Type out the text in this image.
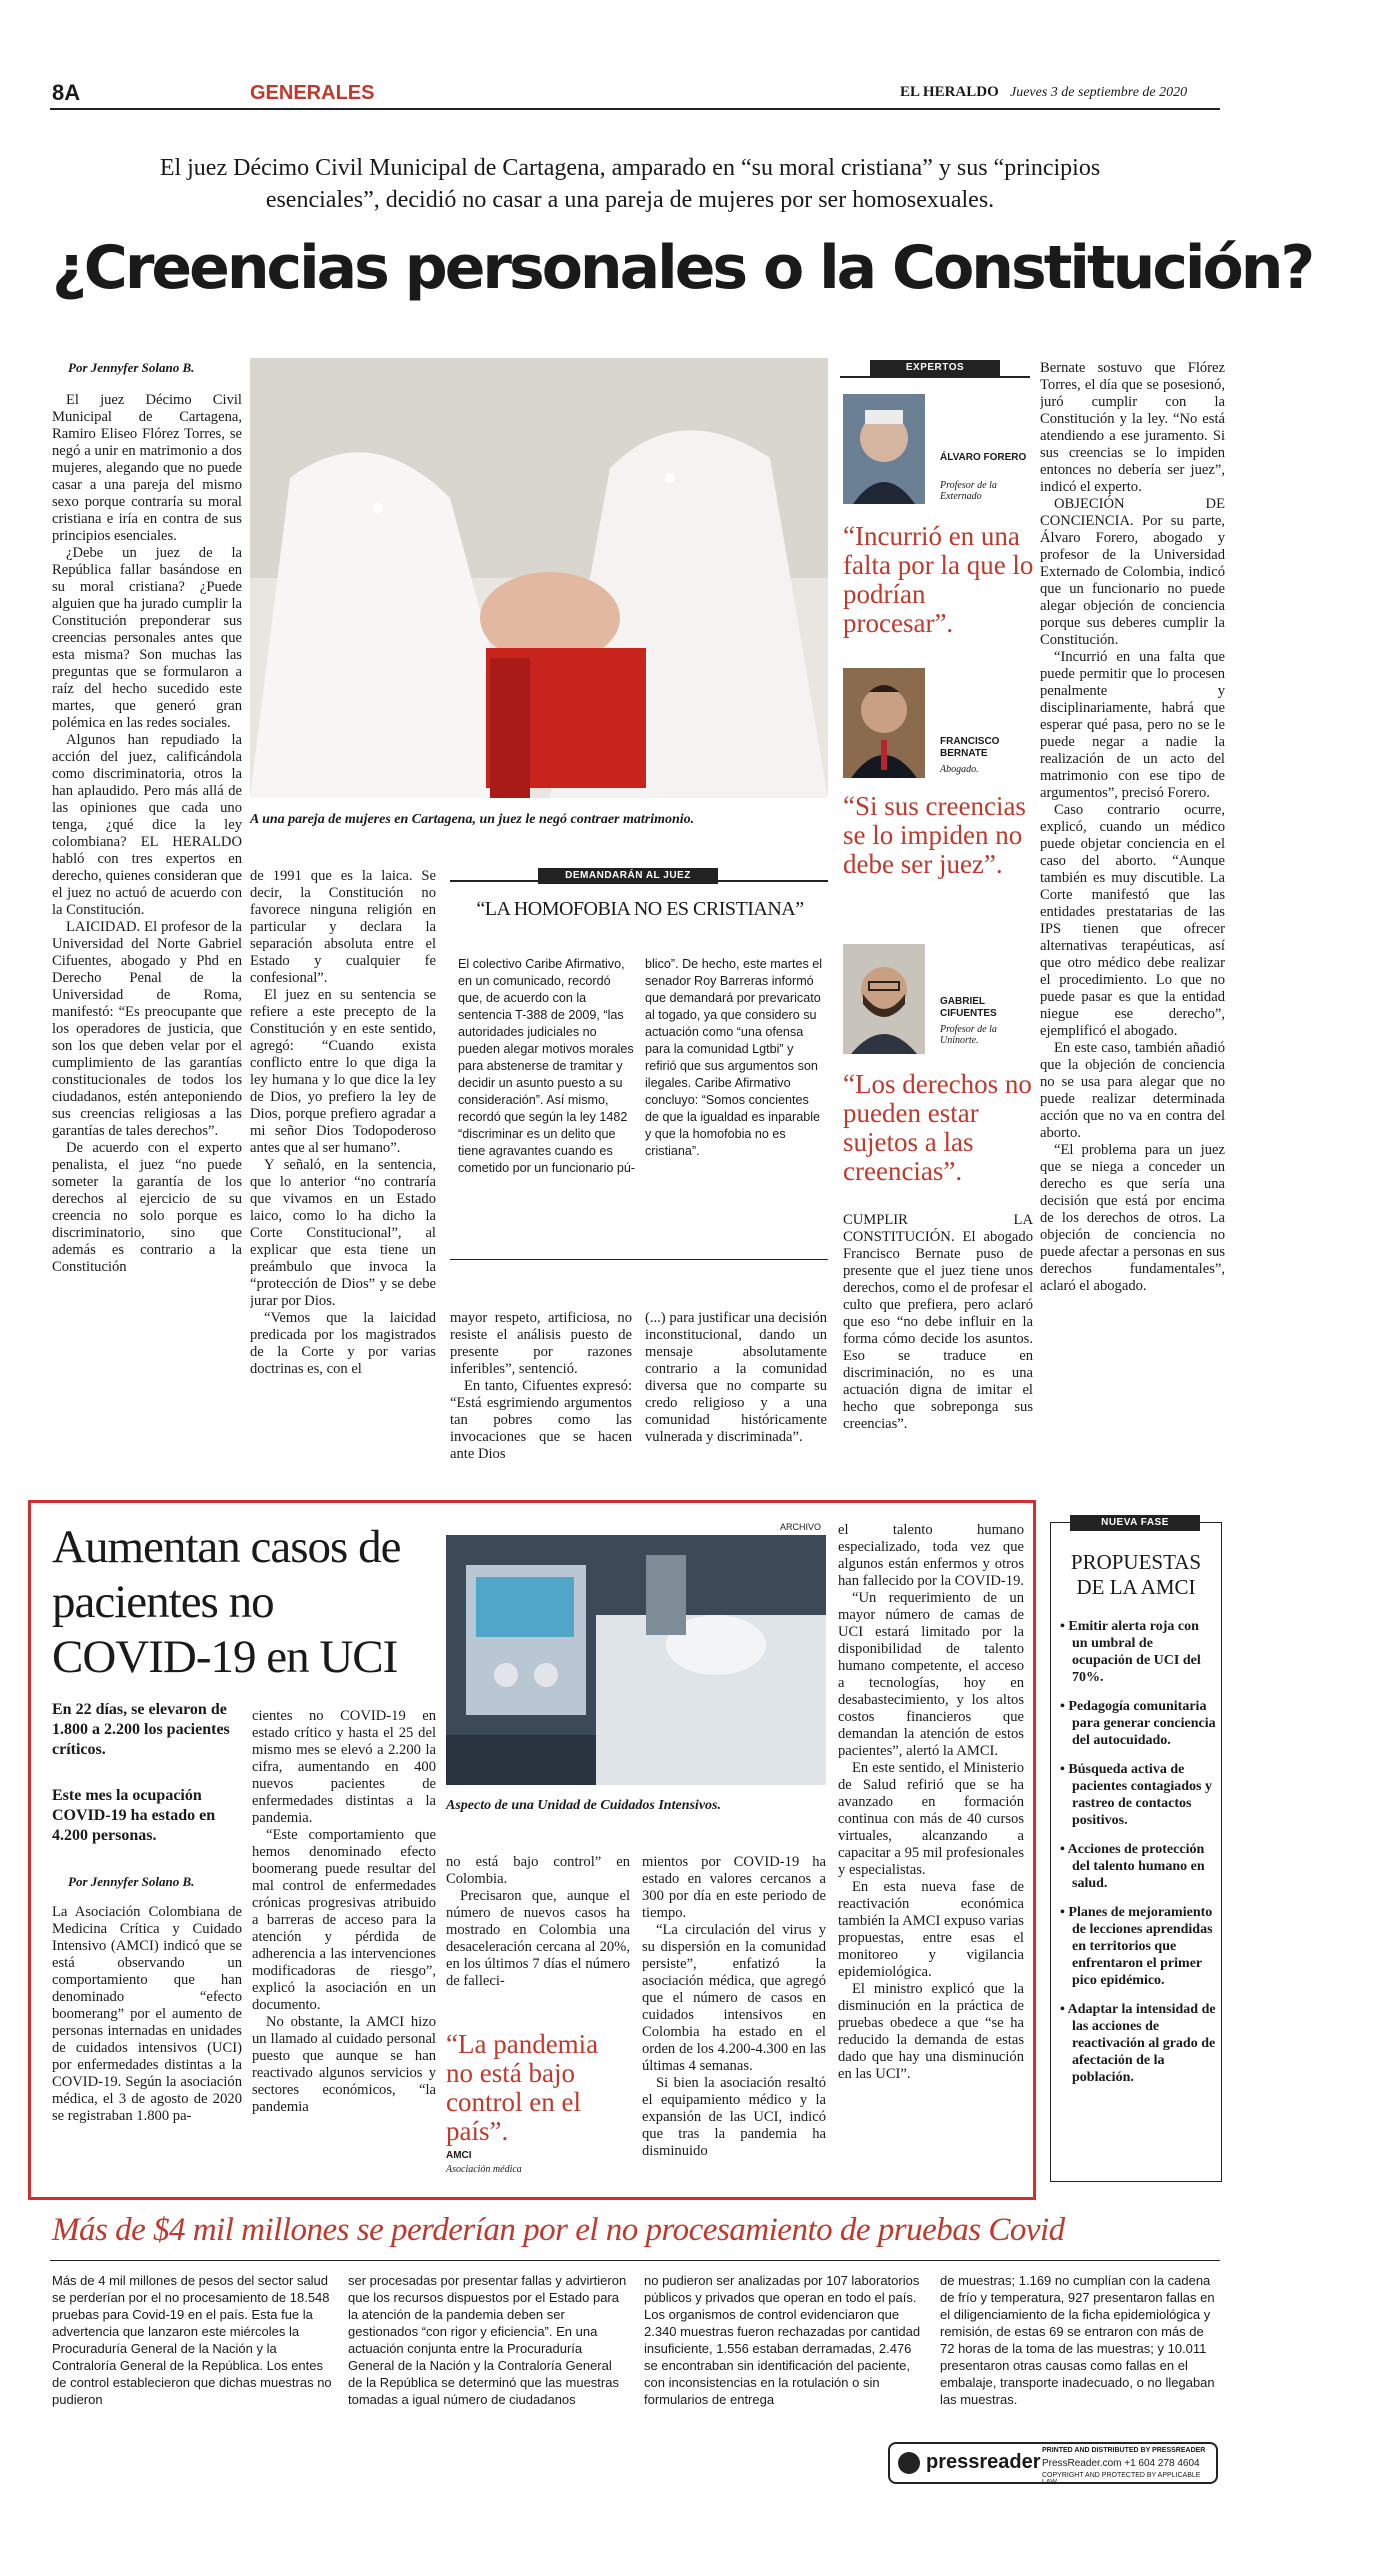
8A	GENERALES	EL HERALDO Jueves 3 de septiembre de 2020
El juez Décimo Civil Municipal de Cartagena, amparado en “su moral cristiana” y sus “principios esenciales”, decidió no casar a una pareja de mujeres por ser homosexuales.
¿Creencias personales o la Constitución?
Por Jennyfer Solano B.

El juez Décimo Civil Municipal de Cartagena, Ramiro Eliseo Flórez Torres, se negó a unir en matrimonio a dos mujeres, alegando que no puede casar a una pareja del mismo sexo porque contraría su moral cristiana e iría en contra de sus principios esenciales.

¿Debe un juez de la República fallar basándose en su moral cristiana? ¿Puede alguien que ha jurado cumplir la Constitución preponderar sus creencias personales antes que esta misma? Son muchas las preguntas que se formularon a raíz del hecho sucedido este martes, que generó gran polémica en las redes sociales.

Algunos han repudiado la acción del juez, calificándola como discriminatoria, otros la han aplaudido. Pero más allá de las opiniones que cada uno tenga, ¿qué dice la ley colombiana? EL HERALDO habló con tres expertos en derecho, quienes consideran que el juez no actuó de acuerdo con la Constitución.

LAICIDAD. El profesor de la Universidad del Norte Gabriel Cifuentes, abogado y Phd en Derecho Penal de la Universidad de Roma, manifestó: “Es preocupante que los operadores de justicia, que son los que deben velar por el cumplimiento de las garantías constitucionales de todos los ciudadanos, estén anteponiendo sus creencias religiosas a las garantías de tales derechos”.

De acuerdo con el experto penalista, el juez “no puede someter la garantía de los derechos al ejercicio de su creencia no solo porque es discriminatorio, sino que además es contrario a la Constitución

A una pareja de mujeres en Cartagena, un juez le negó contraer matrimonio.

de 1991 que es la laica. Se decir, la Constitución no favorece ninguna religión en particular y declara la separación absoluta entre el Estado y cualquier fe confesional”.

El juez en su sentencia se refiere a este precepto de la Constitución y en este sentido, agregó: “Cuando exista conflicto entre lo que diga la ley humana y lo que dice la ley de Dios, yo prefiero la ley de Dios, porque prefiero agradar a mi señor Dios Todopoderoso antes que al ser humano”.

Y señaló, en la sentencia, que lo anterior “no contraría que vivamos en un Estado laico, como lo ha dicho la Corte Constitucional”, al explicar que esta tiene un preámbulo que invoca la “protección de Dios” y se debe jurar por Dios.

“Vemos que la laicidad predicada por los magistrados de la Corte y por varias doctrinas es, con el

DEMANDARÁN AL JUEZ
“LA HOMOFOBIA NO ES CRISTIANA”
El colectivo Caribe Afirmativo, en un comunicado, recordó que, de acuerdo con la sentencia T-388 de 2009, “las autoridades judiciales no pueden alegar motivos morales para abstenerse de tramitar y decidir un asunto puesto a su consideración”. Así mismo, recordó que según la ley 1482 “discriminar es un delito que tiene agravantes cuando es cometido por un funcionario pú-
blico”. De hecho, este martes el senador Roy Barreras informó que demandará por prevaricato al togado, ya que considero su actuación como “una ofensa para la comunidad Lgtbi” y refirió que sus argumentos son ilegales. Caribe Afirmativo concluyo: “Somos concientes de que la igualdad es inparable y que la homofobia no es cristiana”.

mayor respeto, artificiosa, no resiste el análisis puesto de presente por razones inferibles”, sentenció.

En tanto, Cifuentes expresó: “Está esgrimiendo argumentos tan pobres como las invocaciones que se hacen ante Dios

(...) para justificar una decisión inconstitucional, dando un mensaje absolutamente contrario a la comunidad diversa que no comparte su credo religioso y a una comunidad históricamente vulnerada y discriminada”.

EXPERTOS
ÁLVARO FORERO
Profesor de la Externado
“Incurrió en una falta por la que lo podrían procesar”.
FRANCISCO BERNATE
Abogado.
“Si sus creencias se lo impiden no debe ser juez”.
GABRIEL CIFUENTES
Profesor de la Uninorte.
“Los derechos no pueden estar sujetos a las creencias”.

CUMPLIR LA CONSTITUCIÓN. El abogado Francisco Bernate puso de presente que el juez tiene unos derechos, como el de profesar el culto que prefiera, pero aclaró que eso “no debe influir en la forma cómo decide los asuntos. Eso se traduce en discriminación, no es una actuación digna de imitar el hecho que sobreponga sus creencias”.

Bernate sostuvo que Flórez Torres, el día que se posesionó, juró cumplir con la Constitución y la ley. “No está atendiendo a ese juramento. Si sus creencias se lo impiden entonces no debería ser juez”, indicó el experto.

OBJECIÓN DE CONCIENCIA. Por su parte, Álvaro Forero, abogado y profesor de la Universidad Externado de Colombia, indicó que un funcionario no puede alegar objeción de conciencia porque sus deberes cumplir la Constitución.

“Incurrió en una falta que puede permitir que lo procesen penalmente y disciplinariamente, habrá que esperar qué pasa, pero no se le puede negar a nadie la realización de un acto del matrimonio con ese tipo de argumentos”, precisó Forero.

Caso contrario ocurre, explicó, cuando un médico puede objetar conciencia en el caso del aborto. “Aunque también es muy discutible. La Corte manifestó que las entidades prestatarias de las IPS tienen que ofrecer alternativas terapéuticas, así que otro médico debe realizar el procedimiento. Lo que no puede pasar es que la entidad niegue ese derecho”, ejemplificó el abogado.

En este caso, también añadió que la objeción de conciencia no se usa para alegar que no puede realizar determinada acción que no va en contra del aborto.

“El problema para un juez que se niega a conceder un derecho es que sería una decisión que está por encima de los derechos de otros. La objeción de conciencia no puede afectar a personas en sus derechos fundamentales”, aclaró el abogado.

Aumentan casos de pacientes no COVID-19 en UCI
En 22 días, se elevaron de 1.800 a 2.200 los pacientes críticos.
Este mes la ocupación COVID-19 ha estado en 4.200 personas.
Por Jennyfer Solano B.

La Asociación Colombiana de Medicina Crítica y Cuidado Intensivo (AMCI) indicó que se está observando un comportamiento que han denominado “efecto boomerang” por el aumento de personas internadas en unidades de cuidados intensivos (UCI) por enfermedades distintas a la COVID-19. Según la asociación médica, el 3 de agosto de 2020 se registraban 1.800 pa-

ARCHIVO
Aspecto de una Unidad de Cuidados Intensivos.

cientes no COVID-19 en estado crítico y hasta el 25 del mismo mes se elevó a 2.200 la cifra, aumentando en 400 nuevos pacientes de enfermedades distintas a la pandemia.

“Este comportamiento que hemos denominado efecto boomerang puede resultar del mal control de enfermedades crónicas progresivas atribuido a barreras de acceso para la atención y pérdida de adherencia a las intervenciones modificadoras de riesgo”, explicó la asociación en un documento.

No obstante, la AMCI hizo un llamado al cuidado personal puesto que aunque se han reactivado algunos servicios y sectores económicos, “la pandemia

no está bajo control” en Colombia.

Precisaron que, aunque el número de nuevos casos ha mostrado en Colombia una desaceleración cercana al 20%, en los últimos 7 días el número de falleci-

“La pandemia no está bajo control en el país”.
AMCI
Asociación médica

mientos por COVID-19 ha estado en valores cercanos a 300 por día en este periodo de tiempo.

“La circulación del virus y su dispersión en la comunidad persiste”, enfatizó la asociación médica, que agregó que el número de casos en cuidados intensivos en Colombia ha estado en el orden de los 4.200-4.300 en las últimas 4 semanas.

Si bien la asociación resaltó el equipamiento médico y la expansión de las UCI, indicó que tras la pandemia ha disminuido

el talento humano especializado, toda vez que algunos están enfermos y otros han fallecido por la COVID-19.

“Un requerimiento de un mayor número de camas de UCI estará limitado por la disponibilidad de talento humano competente, el acceso a tecnologías, hoy en desabastecimiento, y los altos costos financieros que demandan la atención de estos pacientes”, alertó la AMCI.

En este sentido, el Ministerio de Salud refirió que se ha avanzado en formación continua con más de 40 cursos virtuales, alcanzando a capacitar a 95 mil profesionales y especialistas.

En esta nueva fase de reactivación económica también la AMCI expuso varias propuestas, entre esas el monitoreo y vigilancia epidemiológica.

El ministro explicó que la disminución en la práctica de pruebas obedece a que “se ha reducido la demanda de estas dado que hay una disminución en las UCI”.

NUEVA FASE
PROPUESTAS DE LA AMCI
• Emitir alerta roja con un umbral de ocupación de UCI del 70%.
• Pedagogía comunitaria para generar conciencia del autocuidado.
• Búsqueda activa de pacientes contagiados y rastreo de contactos positivos.
• Acciones de protección del talento humano en salud.
• Planes de mejoramiento de lecciones aprendidas en territorios que enfrentaron el primer pico epidémico.
• Adaptar la intensidad de las acciones de reactivación al grado de afectación de la población.
Más de $4 mil millones se perderían por el no procesamiento de pruebas Covid
Más de 4 mil millones de pesos del sector salud se perderían por el no procesamiento de 18.548 pruebas para Covid-19 en el país. Esta fue la advertencia que lanzaron este miércoles la Procuraduría General de la Nación y la Contraloría General de la República. Los entes de control establecieron que dichas muestras no pudieron
ser procesadas por presentar fallas y advirtieron que los recursos dispuestos por el Estado para la atención de la pandemia deben ser gestionados “con rigor y eficiencia”. En una actuación conjunta entre la Procuraduría General de la Nación y la Contraloría General de la República se determinó que las muestras tomadas a igual número de ciudadanos
no pudieron ser analizadas por 107 laboratorios públicos y privados que operan en todo el país. Los organismos de control evidenciaron que 2.340 muestras fueron rechazadas por cantidad insuficiente, 1.556 estaban derramadas, 2.476 se encontraban sin identificación del paciente, con inconsistencias en la rotulación o sin formularios de entrega
de muestras; 1.169 no cumplían con la cadena de frío y temperatura, 927 presentaron fallas en el diligenciamiento de la ficha epidemiológica y remisión, de estas 69 se entraron con más de 72 horas de la toma de las muestras; y 10.011 presentaron otras causas como fallas en el embalaje, transporte inadecuado, o no llegaban las muestras.
pressreader
PRINTED AND DISTRIBUTED BY PRESSREADER
PressReader.com +1 604 278 4604
COPYRIGHT AND PROTECTED BY APPLICABLE LAW
